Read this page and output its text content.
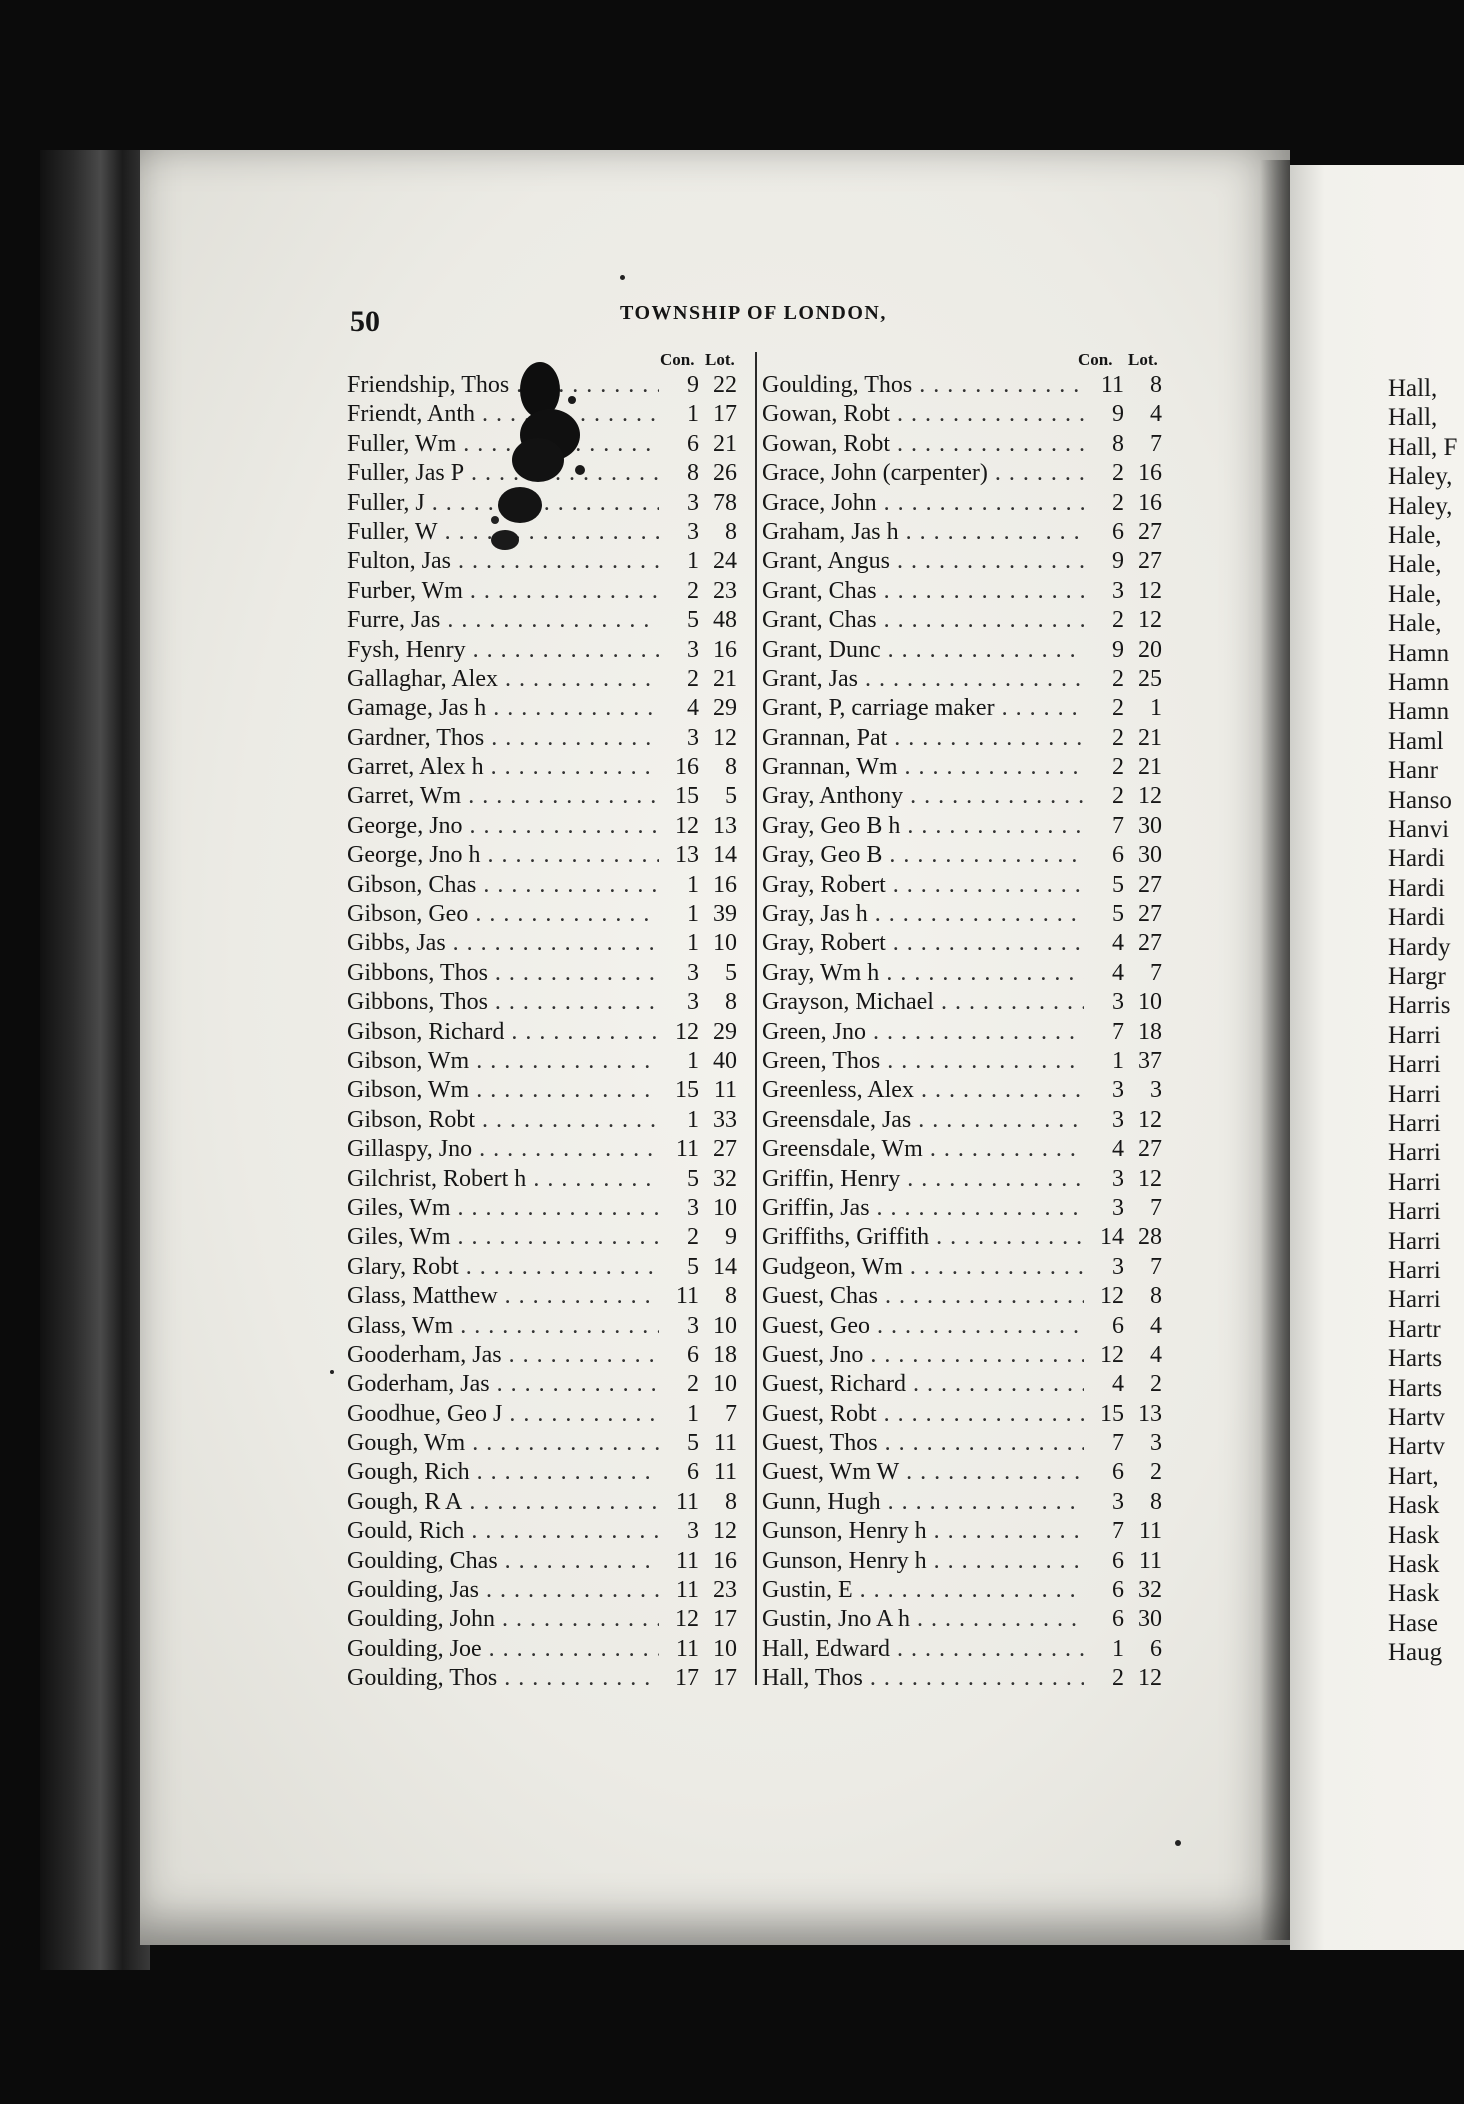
Hall,
Hall,
Hall, F
Haley,
Haley,
Hale,
Hale,
Hale,
Hale,
Hamn
Hamn
Hamn
Haml
Hanr
Hanso
Hanvi
Hardi
Hardi
Hardi
Hardy
Hargr
Harris
Harri
Harri
Harri
Harri
Harri
Harri
Harri
Harri
Harri
Harri
Hartr
Harts
Harts
Hartv
Hartv
Hart,
Hask
Hask
Hask
Hask
Hase
Haug
50	TOWNSHIP OF LONDON,
Con. Lot.	Con. Lot.
Friendship, Thos . . .	9 22
Friendt, Anth . . .	1 17
Fuller, Wm . . .	6 21
Fuller, Jas P . . .	8 26
Fuller, J . . .	3 78
Fuller, W . . .	3	8
Fulton, Jas . . .	1 24
Furber, Wm . . .	2 23
Furre, Jas . . .	5 48
Fysh, Henry . . .	3 16
Gallaghar, Alex . . .	2 21
Gamage, Jas h . . .	4 29
Gardner, Thos . . .	3 12
Garret, Alex h . . .	16	8
Garret, Wm . . .	15	5
George, Jno . . .	12 13
George, Jno h . . .	13 14
Gibson, Chas . . .	1 16
Gibson, Geo . . .	1 39
Gibbs, Jas . . .	1 10
Gibbons, Thos . . .	3	5
Gibbons, Thos . . .	3	8
Gibson, Richard . . .	12 29
Gibson, Wm . . .	1 40
Gibson, Wm . . .	15 11
Gibson, Robt . . .	1 33
Gillaspy, Jno . . .	11 27
Gilchrist, Robert h . . .	5 32
Giles, Wm . . .	3 10
Giles, Wm . . .	2	9
Glary, Robt . . .	5 14
Glass, Matthew . . .	11	8
Glass, Wm . . .	3 10
Gooderham, Jas . . .	6 18
Goderham, Jas . . .	2 10
Goodhue, Geo J . . .	1	7
Gough, Wm . . .	5 11
Gough, Rich . . .	6 11
Gough, R A . . .	11	8
Gould, Rich . . .	3 12
Goulding, Chas . . .	11 16
Goulding, Jas . . .	11 23
Goulding, John . . .	12 17
Goulding, Joe . . .	11 10
Goulding, Thos . . .	17 17
Goulding, Thos . . .	11	8
Gowan, Robt . . .	9	4
Gowan, Robt . . .	8	7
Grace, John (carpenter) . . .	2 16
Grace, John . . .	2 16
Graham, Jas h . . .	6 27
Grant, Angus . . .	9 27
Grant, Chas . . .	3 12
Grant, Chas . . .	2 12
Grant, Dunc . . .	9 20
Grant, Jas . . .	2 25
Grant, P, carriage maker . . .	2	1
Grannan, Pat . . .	2 21
Grannan, Wm . . .	2 21
Gray, Anthony . . .	2 12
Gray, Geo B h . . .	7 30
Gray, Geo B . . .	6 30
Gray, Robert . . .	5 27
Gray, Jas h . . .	5 27
Gray, Robert . . .	4 27
Gray, Wm h . . .	4	7
Grayson, Michael . . .	3 10
Green, Jno . . .	7 18
Green, Thos . . .	1 37
Greenless, Alex . . .	3	3
Greensdale, Jas . . .	3 12
Greensdale, Wm . . .	4 27
Griffin, Henry . . .	3 12
Griffin, Jas . . .	3	7
Griffiths, Griffith . . .	14 28
Gudgeon, Wm . . .	3	7
Guest, Chas . . .	12	8
Guest, Geo . . .	6	4
Guest, Jno . . .	12	4
Guest, Richard . . .	4	2
Guest, Robt . . .	15 13
Guest, Thos . . .	7	3
Guest, Wm W . . .	6	2
Gunn, Hugh . . .	3	8
Gunson, Henry h . . .	7 11
Gunson, Henry h . . .	6 11
Gustin, E . . .	6 32
Gustin, Jno A h . . .	6 30
Hall, Edward . . .	1	6
Hall, Thos . . .	2 12
